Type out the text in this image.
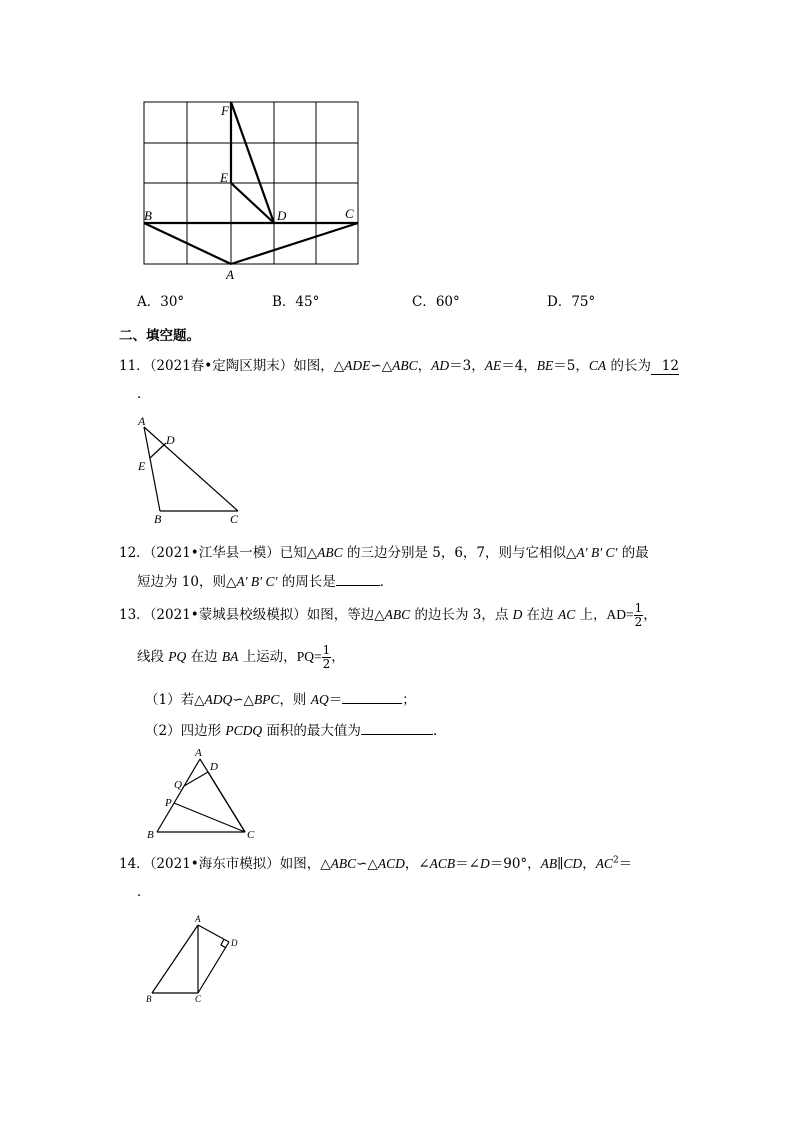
F
E
B	D	C
A
A．30°	B．45°	C．60°	D．75°
二、填空题。
11．（2021春•定陶区期末）如图，△ADE∽△ABC，AD＝3，AE＝4，BE＝5，CA 的长为 12
．
A
D
E
B	C
12．（2021•江华县一模）已知△ABC 的三边分别是 5，6，7，则与它相似△A′ B′ C′ 的最
短边为 10，则△A′ B′ C′ 的周长是	．
13．（2021•蒙城县校级模拟）如图，等边△ABC 的边长为 3，点 D 在边 AC 上，$AD= \frac{1}{2}$ ，
线段 PQ 在边 BA 上运动，$PQ= \frac{1}{2}$ ，
（1）若△ADQ∽△BPC，则 AQ＝	；
（2）四边形 PCDQ 面积的最大值为	．
A
D
Q
P
B	C
14．（2021•海东市模拟）如图，△ABC∽△ACD，∠ACB＝∠D＝90°，AB∥CD，$AC^2=$
．
A
D
B	C
